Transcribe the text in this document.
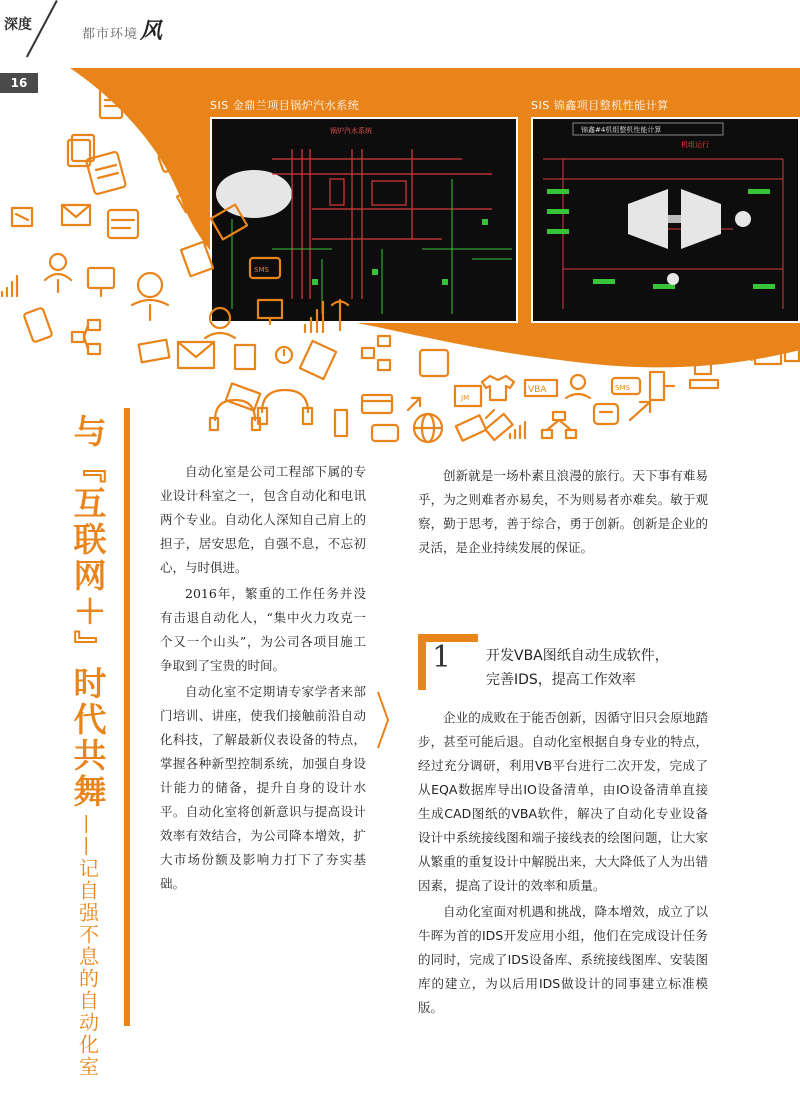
深度
都市环境风
16
SIS 金鼎兰项目锅炉汽水系统	SIS 锦鑫项目整机性能计算
锅炉汽水系统	锦鑫#4机组整机性能计算
机组运行
SMS
SMS
VBA	SMS
JM
与『互联网＋』时代共舞
——记自强不息的自动化室

自动化室是公司工程部下属的专业设计科室之一，包含自动化和电讯两个专业。自动化人深知自己肩上的担子，居安思危，自强不息，不忘初心，与时俱进。

2016年，繁重的工作任务并没有击退自动化人，“集中火力攻克一个又一个山头”，为公司各项目施工争取到了宝贵的时间。

自动化室不定期请专家学者来部门培训、讲座，使我们接触前沿自动化科技，了解最新仪表设备的特点，掌握各种新型控制系统，加强自身设计能力的储备，提升自身的设计水平。自动化室将创新意识与提高设计效率有效结合，为公司降本增效，扩大市场份额及影响力打下了夯实基础。

创新就是一场朴素且浪漫的旅行。天下事有难易乎，为之则难者亦易矣，不为则易者亦难矣。敏于观察，勤于思考，善于综合，勇于创新。创新是企业的灵活，是企业持续发展的保证。

1 开发VBA图纸自动生成软件，
完善IDS，提高工作效率

企业的成败在于能否创新，因循守旧只会原地踏步，甚至可能后退。自动化室根据自身专业的特点，经过充分调研，利用VB平台进行二次开发，完成了从EQA数据库导出IO设备清单，由IO设备清单直接生成CAD图纸的VBA软件，解决了自动化专业设备设计中系统接线图和端子接线表的绘图问题，让大家从繁重的重复设计中解脱出来，大大降低了人为出错因素，提高了设计的效率和质量。

自动化室面对机遇和挑战，降本增效，成立了以牛晖为首的IDS开发应用小组，他们在完成设计任务的同时，完成了IDS设备库、系统接线图库、安装图库的建立，为以后用IDS做设计的同事建立标准模版。
